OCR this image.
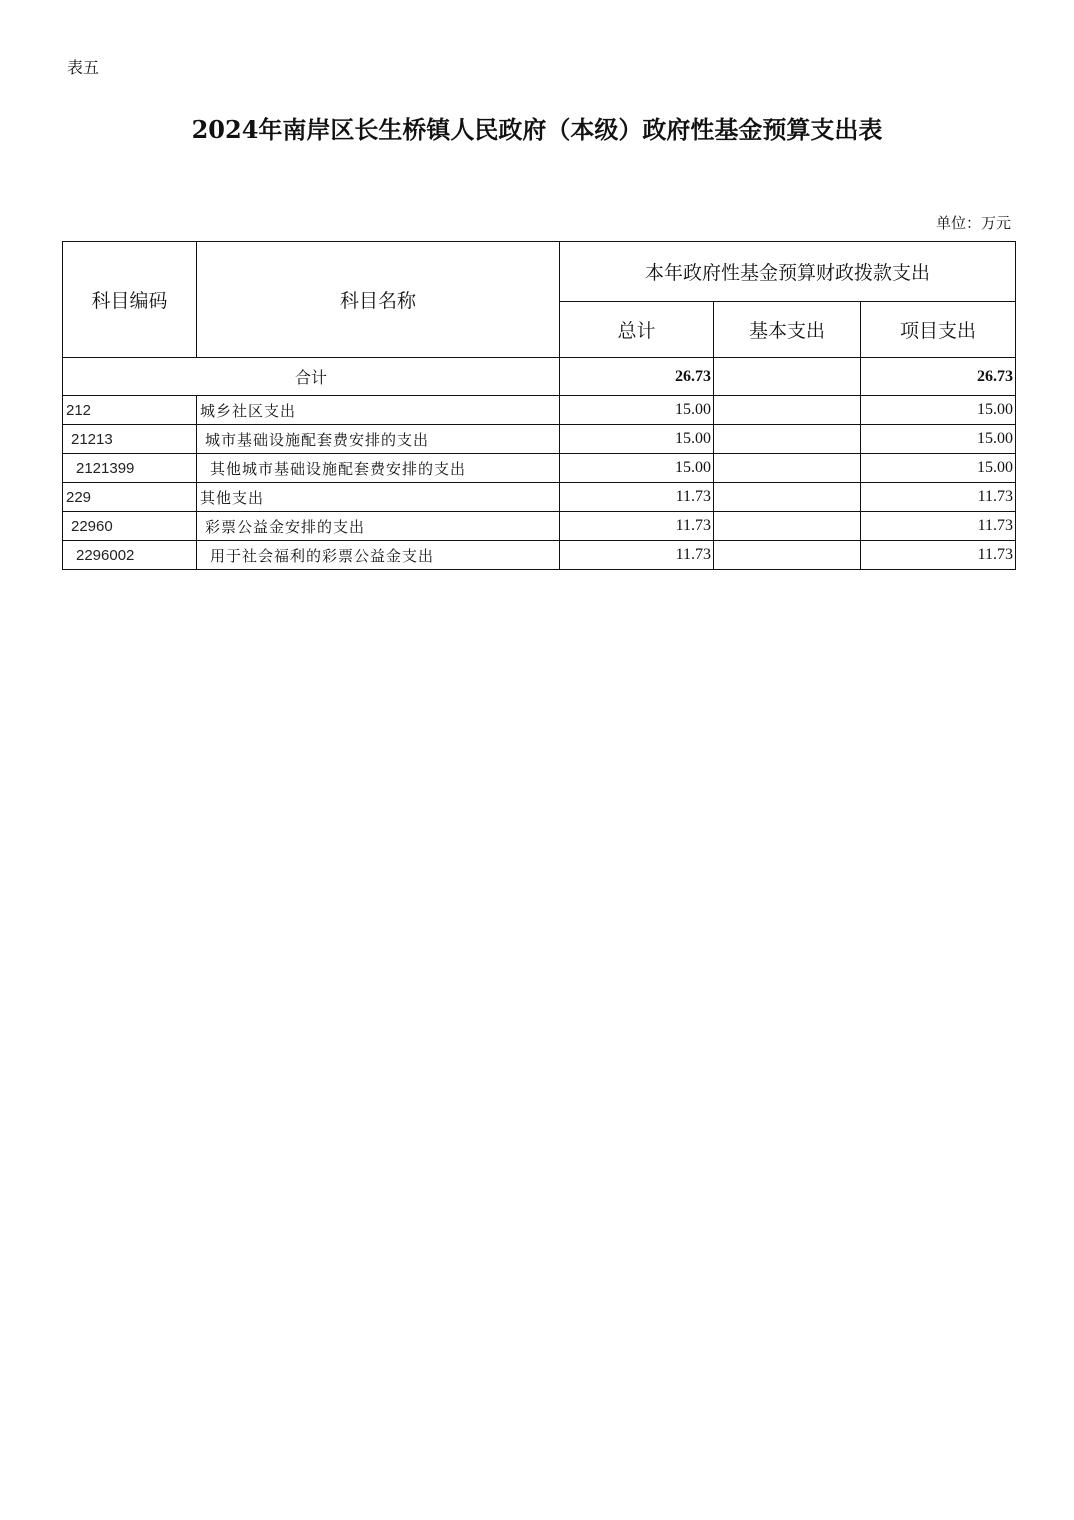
表五
2024年南岸区长生桥镇人民政府（本级）政府性基金预算支出表
单位：万元
科目编码	科目名称	本年政府性基金预算财政拨款支出		
		总计	基本支出	项目支出
合计		26.73		26.73
212	城乡社区支出	15.00		15.00
21213	城市基础设施配套费安排的支出	15.00		15.00
2121399	其他城市基础设施配套费安排的支出	15.00		15.00
229	其他支出	11.73		11.73
22960	彩票公益金安排的支出	11.73		11.73
2296002	用于社会福利的彩票公益金支出	11.73		11.73
